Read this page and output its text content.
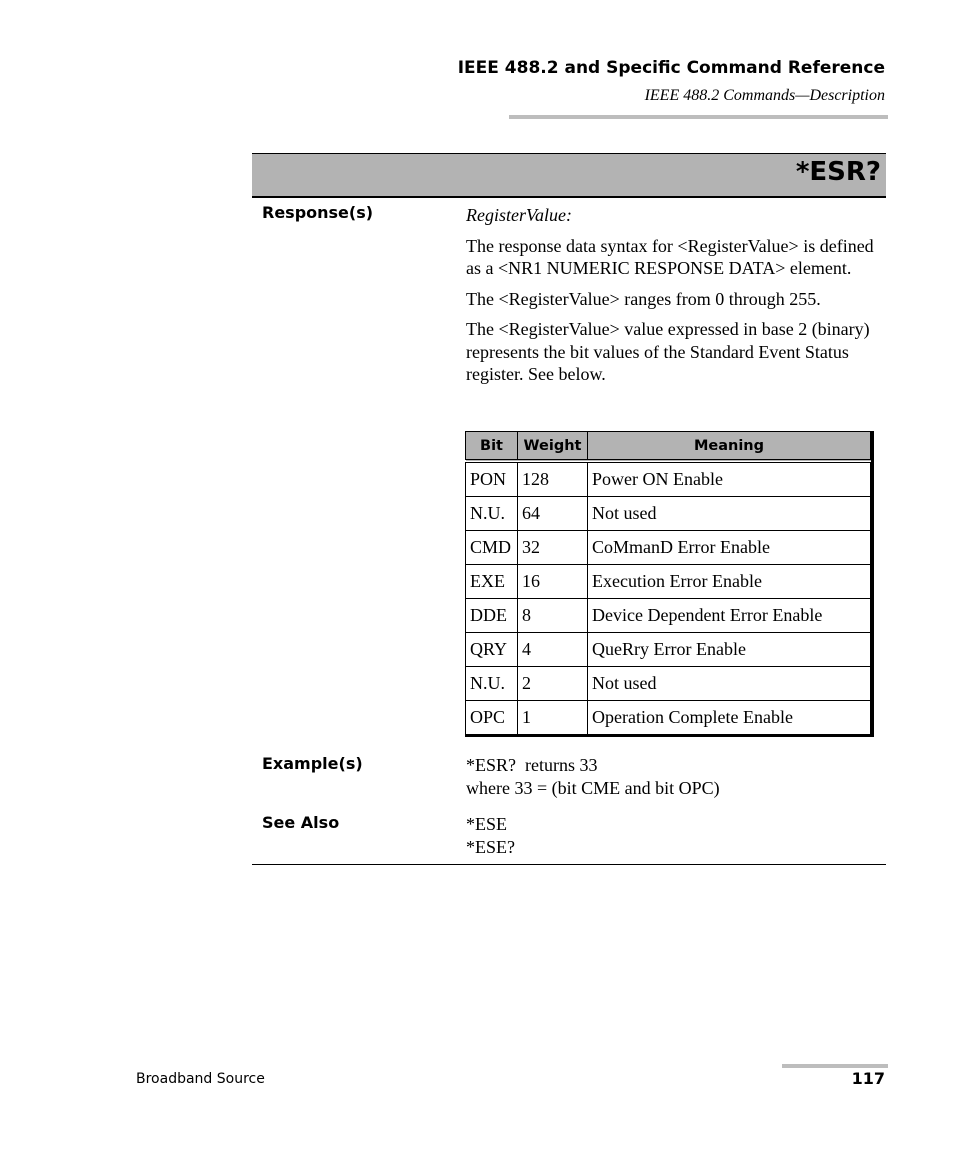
IEEE 488.2 and Specific Command Reference
IEEE 488.2 Commands—Description
*ESR?
Response(s)	RegisterValue:

The response data syntax for <RegisterValue> is defined as a <NR1 NUMERIC RESPONSE DATA> element.

The <RegisterValue> ranges from 0 through 255.

The <RegisterValue> value expressed in base 2 (binary) represents the bit values of the Standard Event Status register. See below.

Bit	Weight	Meaning
PON	128	Power ON Enable
N.U.	64	Not used
CMD	32	CoMmanD Error Enable
EXE	16	Execution Error Enable
DDE	8	Device Dependent Error Enable
QRY	4	QueRry Error Enable
N.U.	2	Not used
OPC	1	Operation Complete Enable
Example(s)	*ESR?  returns 33

where 33 = (bit CME and bit OPC)

See Also	*ESE

*ESE?

Broadband Source	117
